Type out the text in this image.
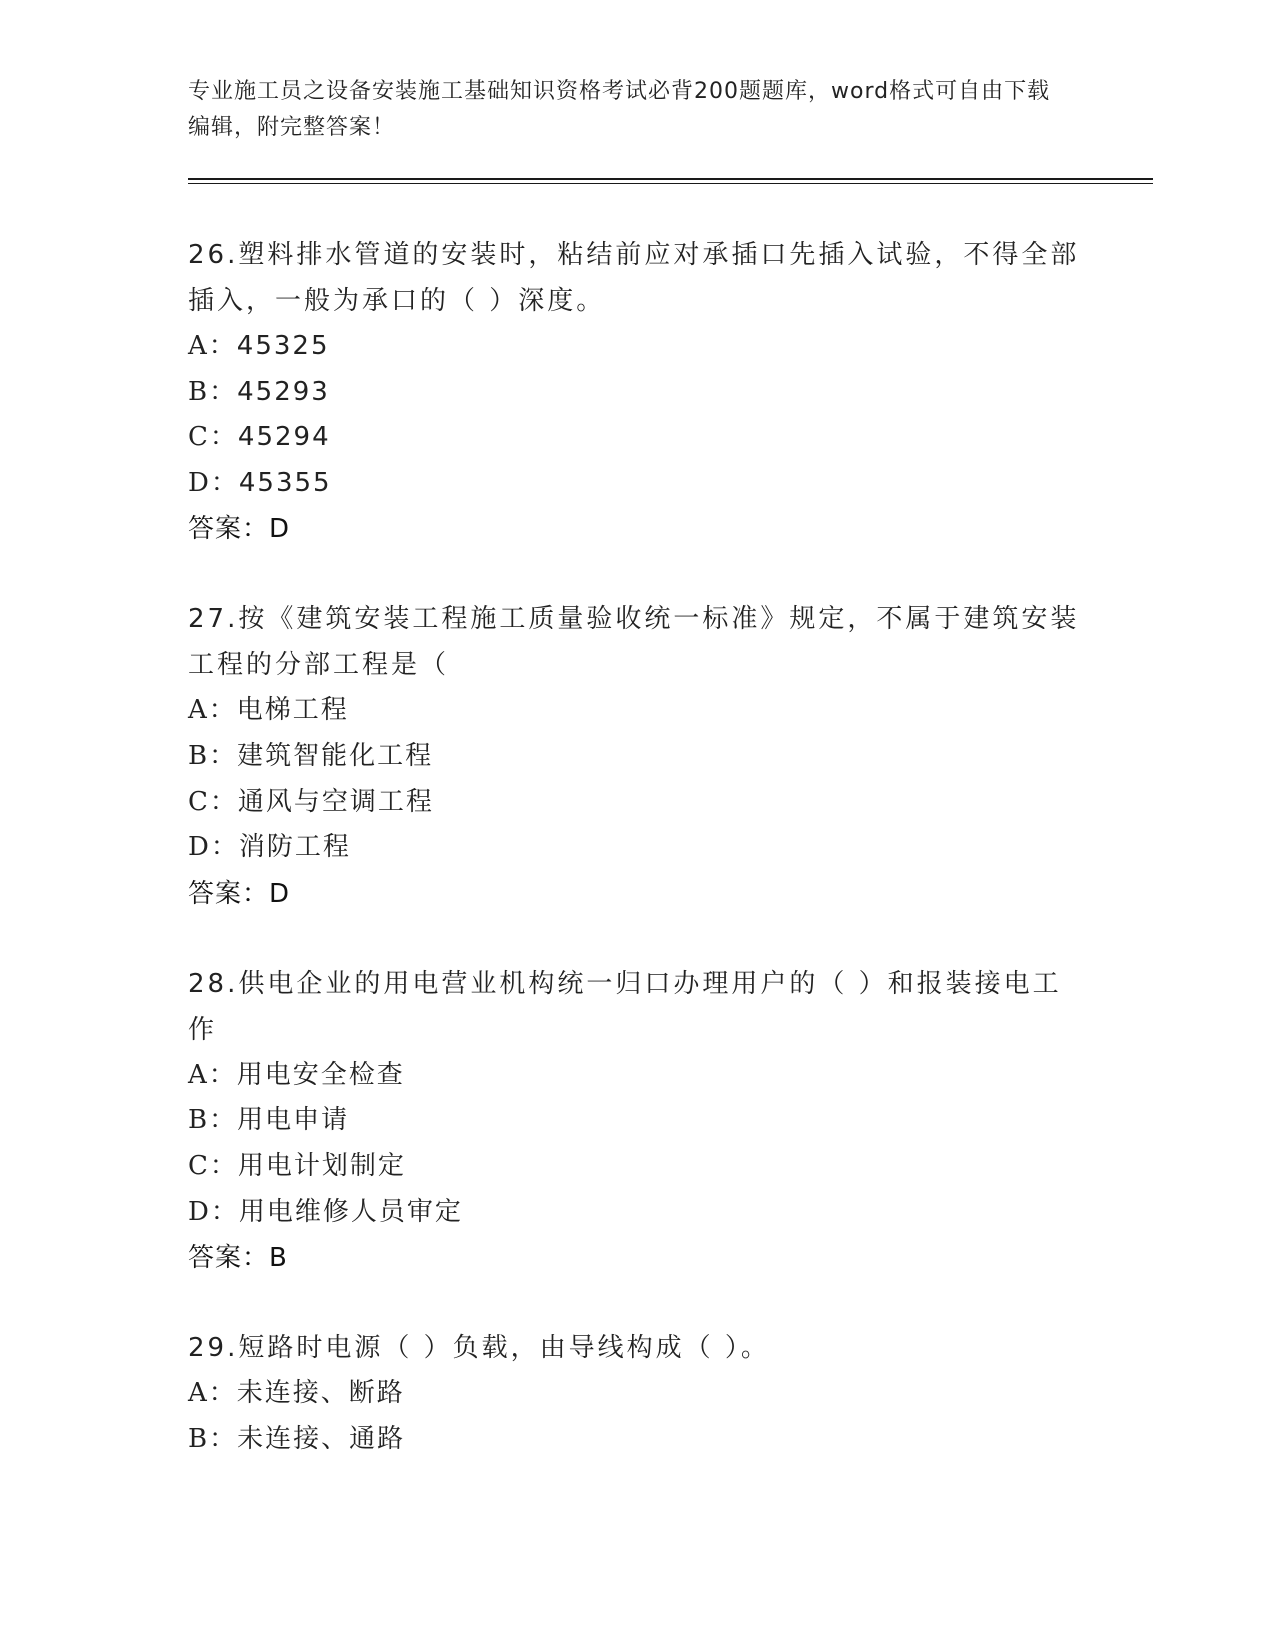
专业施工员之设备安装施工基础知识资格考试必背200题题库，word格式可自由下载编辑，附完整答案！
26.塑料排水管道的安装时，粘结前应对承插口先插入试验，不得全部插入，一般为承口的（ ）深度。
A：45325
B：45293
C：45294
D：45355
答案：D
27.按《建筑安装工程施工质量验收统一标准》规定，不属于建筑安装工程的分部工程是（
A：电梯工程
B：建筑智能化工程
C：通风与空调工程
D：消防工程
答案：D
28.供电企业的用电营业机构统一归口办理用户的（ ）和报装接电工作
A：用电安全检查
B：用电申请
C：用电计划制定
D：用电维修人员审定
答案：B
29.短路时电源（ ）负载，由导线构成（ ）。
A：未连接、断路
B：未连接、通路
